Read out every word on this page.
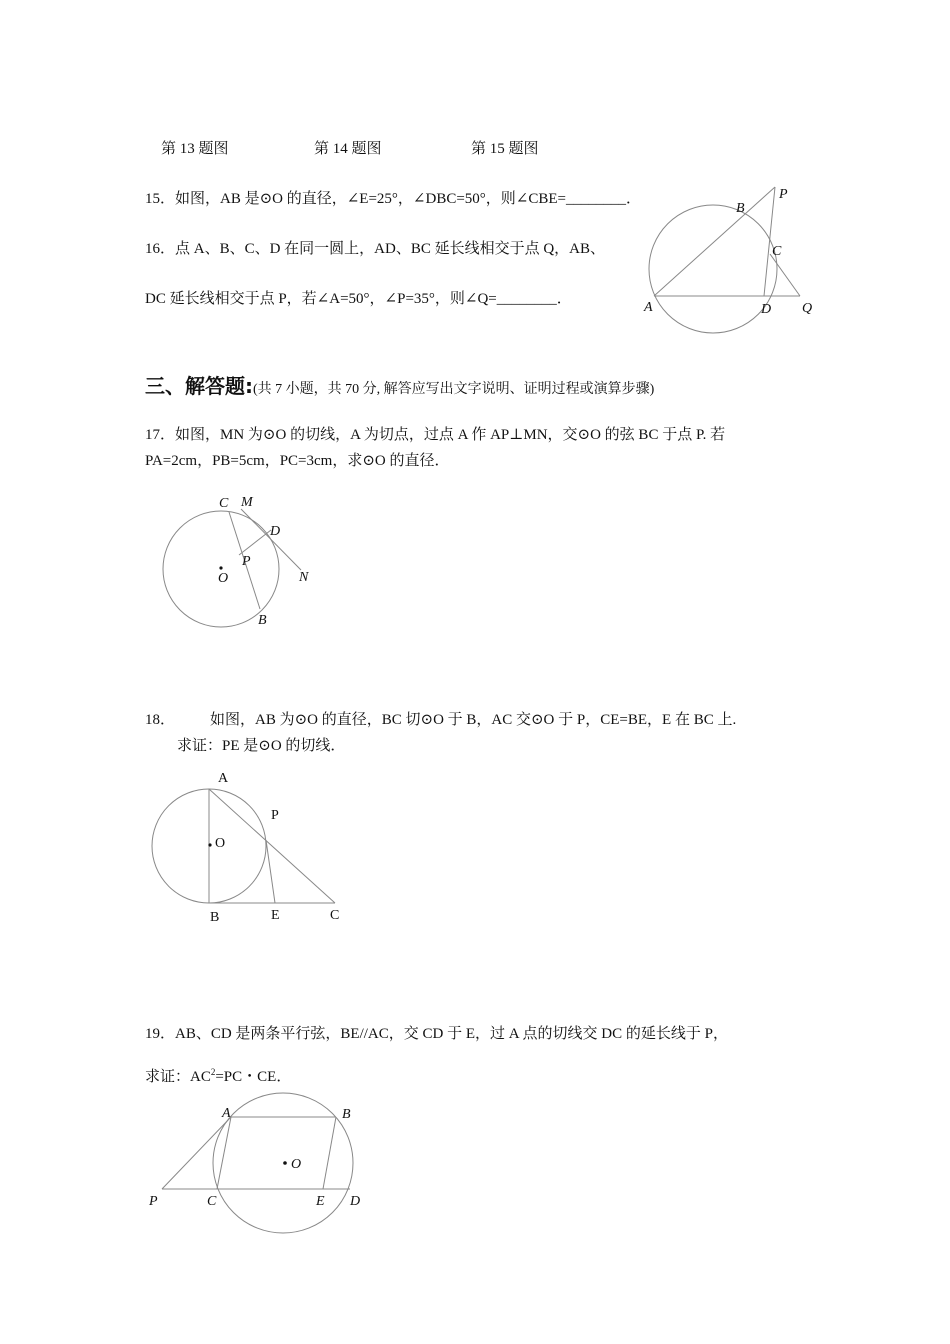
第 13 题图	第 14 题图	第 15 题图
15．如图，AB 是⊙O 的直径，∠E=25°，∠DBC=50°，则∠CBE=________．
16．点 A、B、C、D 在同一圆上，AD、BC 延长线相交于点 Q，AB、
DC 延长线相交于点 P，若∠A=50°，∠P=35°，则∠Q=________．
B
P
C
A	D Q
三、解答题:(共 7 小题，共 70 分, 解答应写出文字说明、证明过程或演算步骤)
17．如图，MN 为⊙O 的切线，A 为切点，过点 A 作 AP⊥MN，交⊙O 的弦 BC 于点 P. 若
PA=2cm，PB=5cm，PC=3cm，求⊙O 的直径．
C M
D
P
O	N
B
18． 如图，AB 为⊙O 的直径，BC 切⊙O 于 B，AC 交⊙O 于 P，CE=BE，E 在 BC 上.
求证：PE 是⊙O 的切线．
A
P
O
B	E	C
19．AB、CD 是两条平行弦，BE//AC，交 CD 于 E，过 A 点的切线交 DC 的延长线于 P，
求证：$AC^2=PC$・CE．
A	B
O
P	C	E D
